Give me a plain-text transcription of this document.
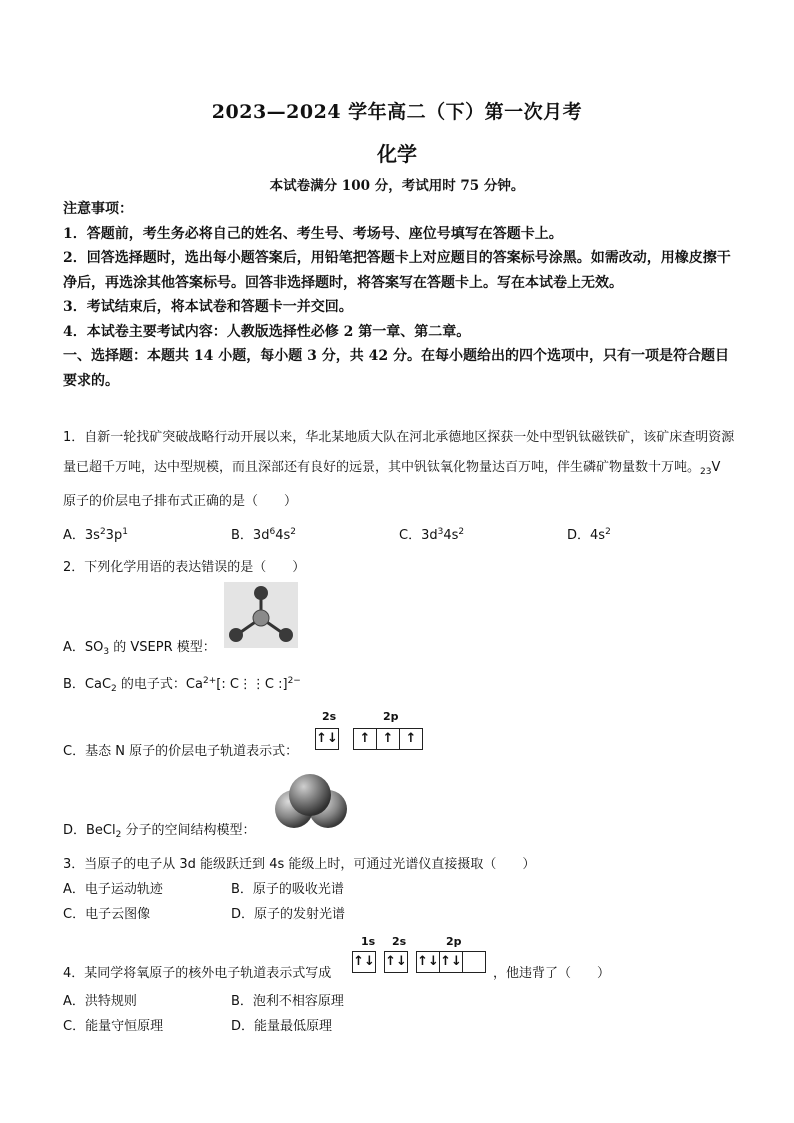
2023—2024 学年高二（下）第一次月考
化学
本试卷满分 100 分，考试用时 75 分钟。

注意事项：

1．答题前，考生务必将自己的姓名、考生号、考场号、座位号填写在答题卡上。

2．回答选择题时，选出每小题答案后，用铅笔把答题卡上对应题目的答案标号涂黑。如需改动，用橡皮擦干净后，再选涂其他答案标号。回答非选择题时，将答案写在答题卡上。写在本试卷上无效。

3．考试结束后，将本试卷和答题卡一并交回。

4．本试卷主要考试内容：人教版选择性必修 2 第一章、第二章。

一、选择题：本题共 14 小题，每小题 3 分，共 42 分。在每小题给出的四个选项中，只有一项是符合题目要求的。

1．自新一轮找矿突破战略行动开展以来，华北某地质大队在河北承德地区探获一处中型钒钛磁铁矿，该矿床查明资源量已超千万吨，达中型规模，而且深部还有良好的远景，其中钒钛氧化物量达百万吨，伴生磷矿物量数十万吨。$_{23}$V 原子的价层电子排布式正确的是（　　）

A．$3s^23p^1$	B．$3d^64s^2$	C．$3d^34s^2$	D．$4s^2$
2．下列化学用语的表达错误的是（　　）
A．$SO_3$ 的 VSEPR 模型：
B．CaC$_2$ 的电子式：$Ca^{2+}$[: C⋮⋮C :]$^{2-}$
2s	2p
↑↓	↑ ↑ ↑
C．基态 N 原子的价层电子轨道表示式：
D．BeCl$_2$ 分子的空间结构模型：
3．当原子的电子从 3d 能级跃迁到 4s 能级上时，可通过光谱仪直接摄取（　　）
A．电子运动轨迹	B．原子的吸收光谱
C．电子云图像	D．原子的发射光谱
1s 2s	2p
↑↓ ↑↓ ↑↓ ↑↓
4．某同学将氧原子的核外电子轨道表示式写成	，他违背了（　　）
A．洪特规则	B．泡利不相容原理
C．能量守恒原理	D．能量最低原理
